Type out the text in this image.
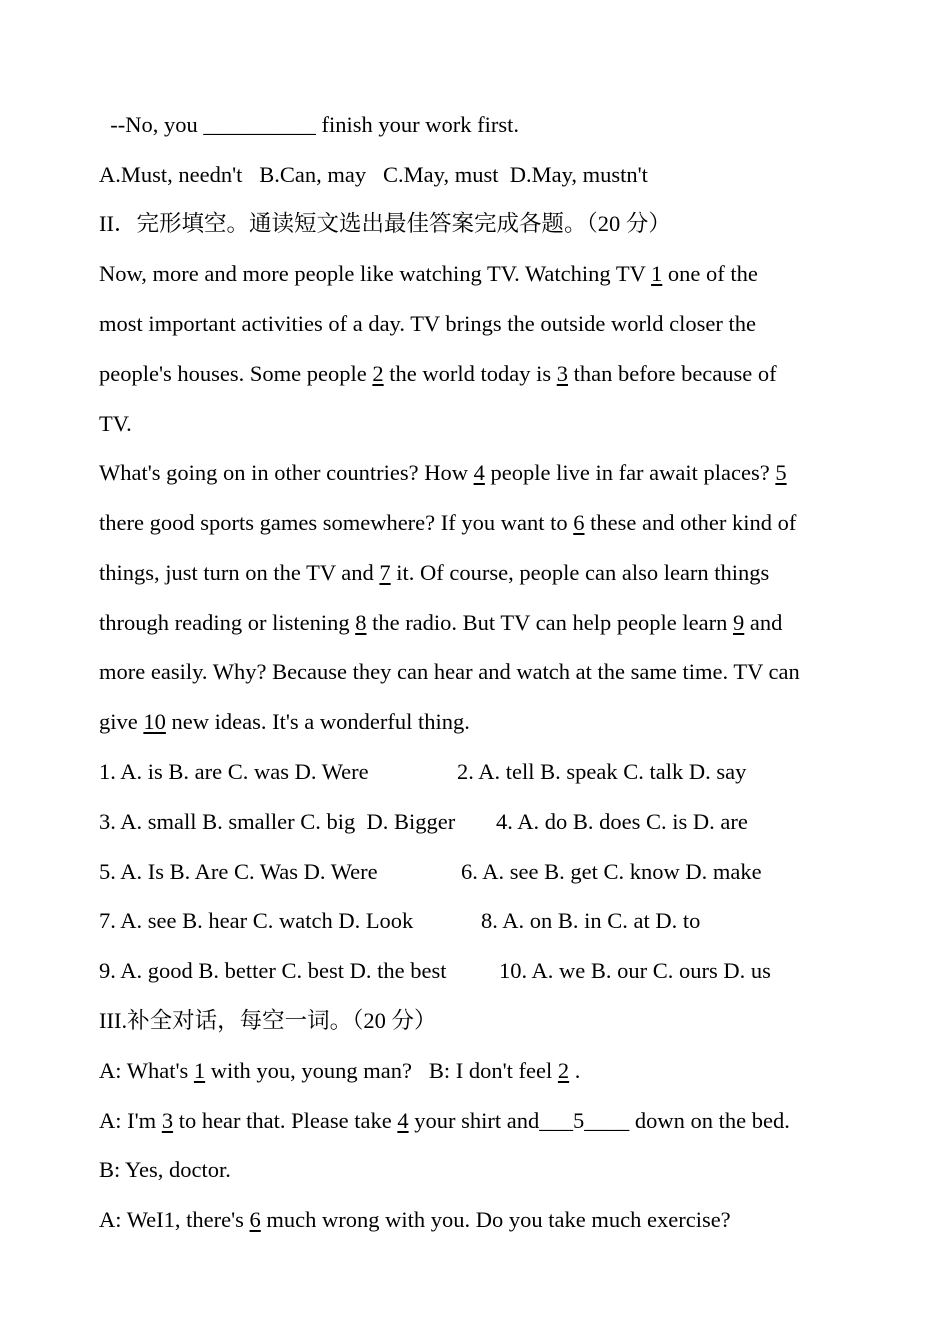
--No, you __________ finish your work first.
A.Must, needn't   B.Can, may   C.May, must  D.May, mustn't
II．完形填空。通读短文选出最佳答案完成各题。（20 分）
Now, more and more people like watching TV. Watching TV 1 one of the
most important activities of a day. TV brings the outside world closer the
people's houses. Some people 2 the world today is 3 than before because of
TV.
What's going on in other countries? How 4 people live in far await places? 5
there good sports games somewhere? If you want to 6 these and other kind of
things, just turn on the TV and 7 it. Of course, people can also learn things
through reading or listening 8 the radio. But TV can help people learn 9 and
more easily. Why? Because they can hear and watch at the same time. TV can
give 10 new ideas. It's a wonderful thing.
1. A. is B. are C. was D. Were	2. A. tell B. speak C. talk D. say
3. A. small B. smaller C. big  D. Bigger 4. A. do B. does C. is D. are
5. A. Is B. Are C. Was D. Were	6. A. see B. get C. know D. make
7. A. see B. hear C. watch D. Look	8. A. on B. in C. at D. to
9. A. good B. better C. best D. the best 10. A. we B. our C. ours D. us
III.补全对话，每空一词。（20 分）
A: What's 1 with you, young man?   B: I don't feel 2 .
A: I'm 3 to hear that. Please take 4 your shirt and___5____ down on the bed.
B: Yes, doctor.
A: WeI1, there's 6 much wrong with you. Do you take much exercise?
